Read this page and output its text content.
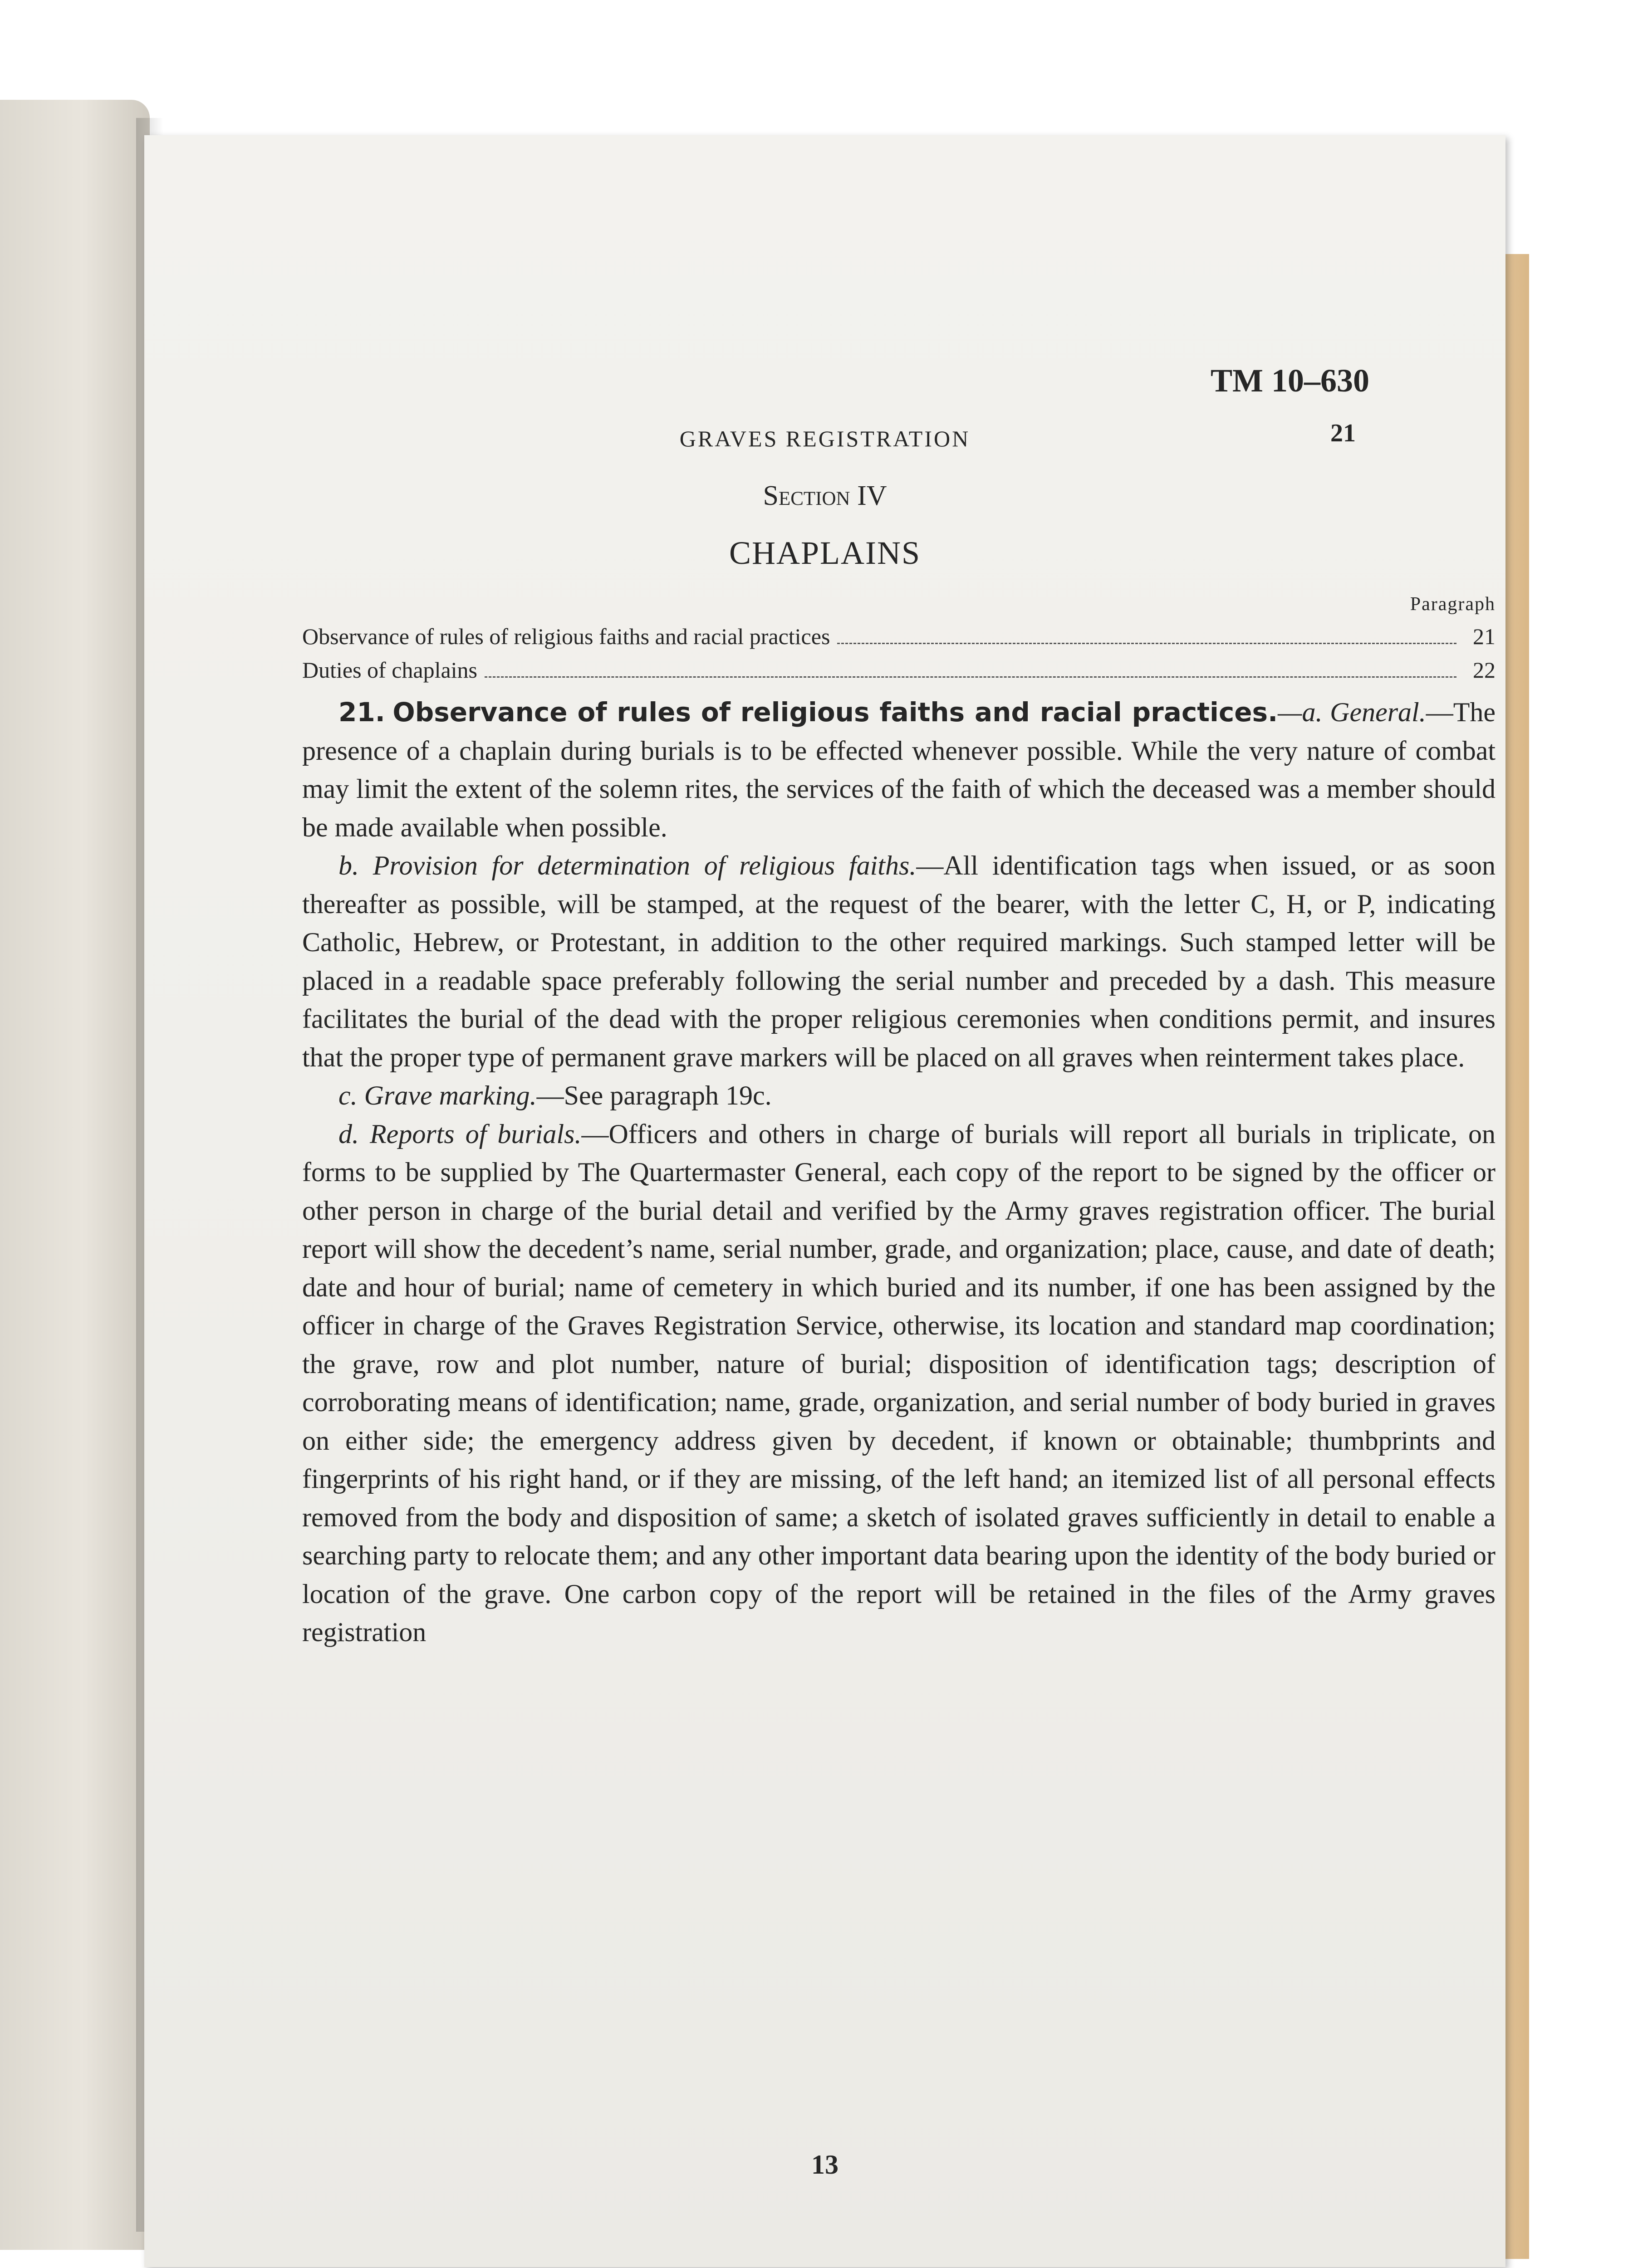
GRAVES REGISTRATION
TM 10–630
21
Section IV
CHAPLAINS
Paragraph
Observance of rules of religious faiths and racial practices	21
Duties of chaplains	22

21. Observance of rules of religious faiths and racial practices.—a. General.—The presence of a chaplain during burials is to be effected whenever possible. While the very nature of combat may limit the extent of the solemn rites, the services of the faith of which the deceased was a member should be made available when possible.

b. Provision for determination of religious faiths.—All identification tags when issued, or as soon thereafter as possible, will be stamped, at the request of the bearer, with the letter C, H, or P, indicating Catholic, Hebrew, or Protestant, in addition to the other required markings. Such stamped letter will be placed in a readable space preferably following the serial number and preceded by a dash. This measure facilitates the burial of the dead with the proper religious ceremonies when conditions permit, and insures that the proper type of permanent grave markers will be placed on all graves when reinterment takes place.

c. Grave marking.—See paragraph 19c.

d. Reports of burials.—Officers and others in charge of burials will report all burials in triplicate, on forms to be supplied by The Quartermaster General, each copy of the report to be signed by the officer or other person in charge of the burial detail and verified by the Army graves registration officer. The burial report will show the decedent’s name, serial number, grade, and organization; place, cause, and date of death; date and hour of burial; name of cemetery in which buried and its number, if one has been assigned by the officer in charge of the Graves Registration Service, otherwise, its location and standard map coordination; the grave, row and plot number, nature of burial; disposition of identification tags; description of corroborating means of identification; name, grade, organization, and serial number of body buried in graves on either side; the emergency address given by decedent, if known or obtainable; thumbprints and fingerprints of his right hand, or if they are missing, of the left hand; an itemized list of all personal effects removed from the body and disposition of same; a sketch of isolated graves sufficiently in detail to enable a searching party to relocate them; and any other important data bearing upon the identity of the body buried or location of the grave. One carbon copy of the report will be retained in the files of the Army graves registration

13
